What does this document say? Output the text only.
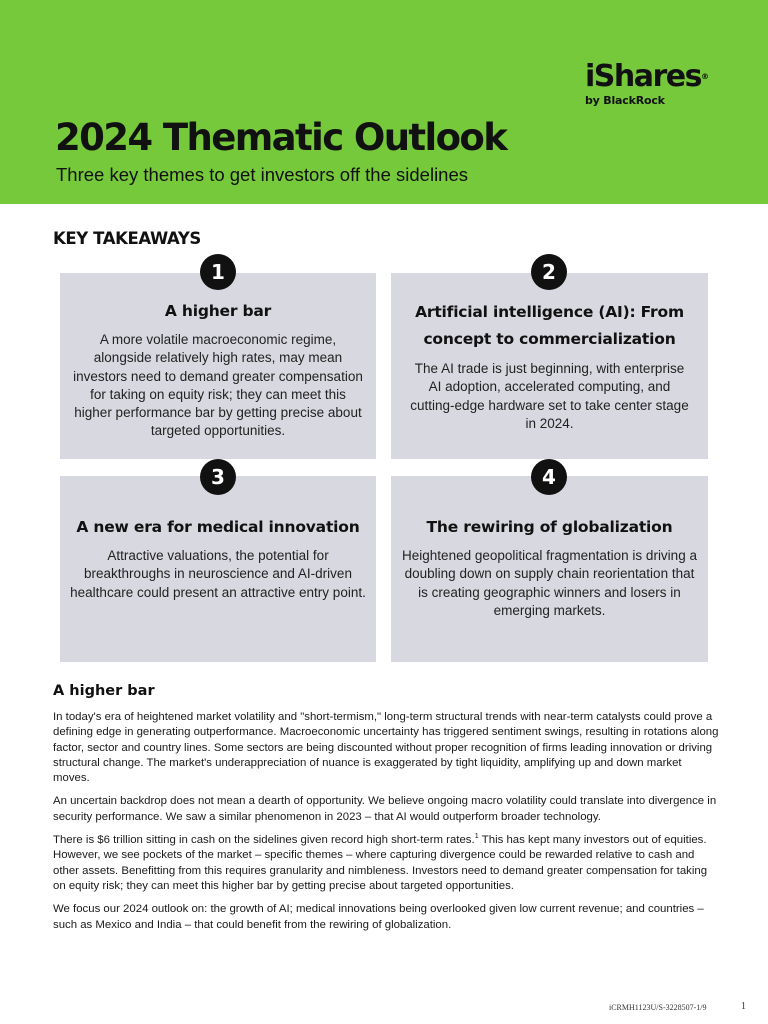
iShares®
by BlackRock
2024 Thematic Outlook
Three key themes to get investors off the sidelines
KEY TAKEAWAYS
A higher bar

A more volatile macroeconomic regime, alongside relatively high rates, may mean investors need to demand greater compensation for taking on equity risk; they can meet this higher performance bar by getting precise about targeted opportunities.

1
Artificial intelligence (AI): From concept to commercialization

The AI trade is just beginning, with enterprise AI adoption, accelerated computing, and cutting-edge hardware set to take center stage in 2024.

2
A new era for medical innovation

Attractive valuations, the potential for breakthroughs in neuroscience and AI-driven healthcare could present an attractive entry point.

3
The rewiring of globalization

Heightened geopolitical fragmentation is driving a doubling down on supply chain reorientation that is creating geographic winners and losers in emerging markets.

4
A higher bar

In today's era of heightened market volatility and "short-termism," long-term structural trends with near-term catalysts could prove a defining edge in generating outperformance. Macroeconomic uncertainty has triggered sentiment swings, resulting in rotations along factor, sector and country lines. Some sectors are being discounted without proper recognition of firms leading innovation or driving structural change. The market's underappreciation of nuance is exaggerated by tight liquidity, amplifying up and down market moves.

An uncertain backdrop does not mean a dearth of opportunity. We believe ongoing macro volatility could translate into divergence in security performance. We saw a similar phenomenon in 2023 – that AI would outperform broader technology.

There is $6 trillion sitting in cash on the sidelines given record high short-term rates.$^1$ This has kept many investors out of equities. However, we see pockets of the market – specific themes – where capturing divergence could be rewarded relative to cash and other assets. Benefitting from this requires granularity and nimbleness. Investors need to demand greater compensation for taking on equity risk; they can meet this higher bar by getting precise about targeted opportunities.

We focus our 2024 outlook on: the growth of AI; medical innovations being overlooked given low current revenue; and countries – such as Mexico and India – that could benefit from the rewiring of globalization.

iCRMH1123U/S-3228507-1/9	1
